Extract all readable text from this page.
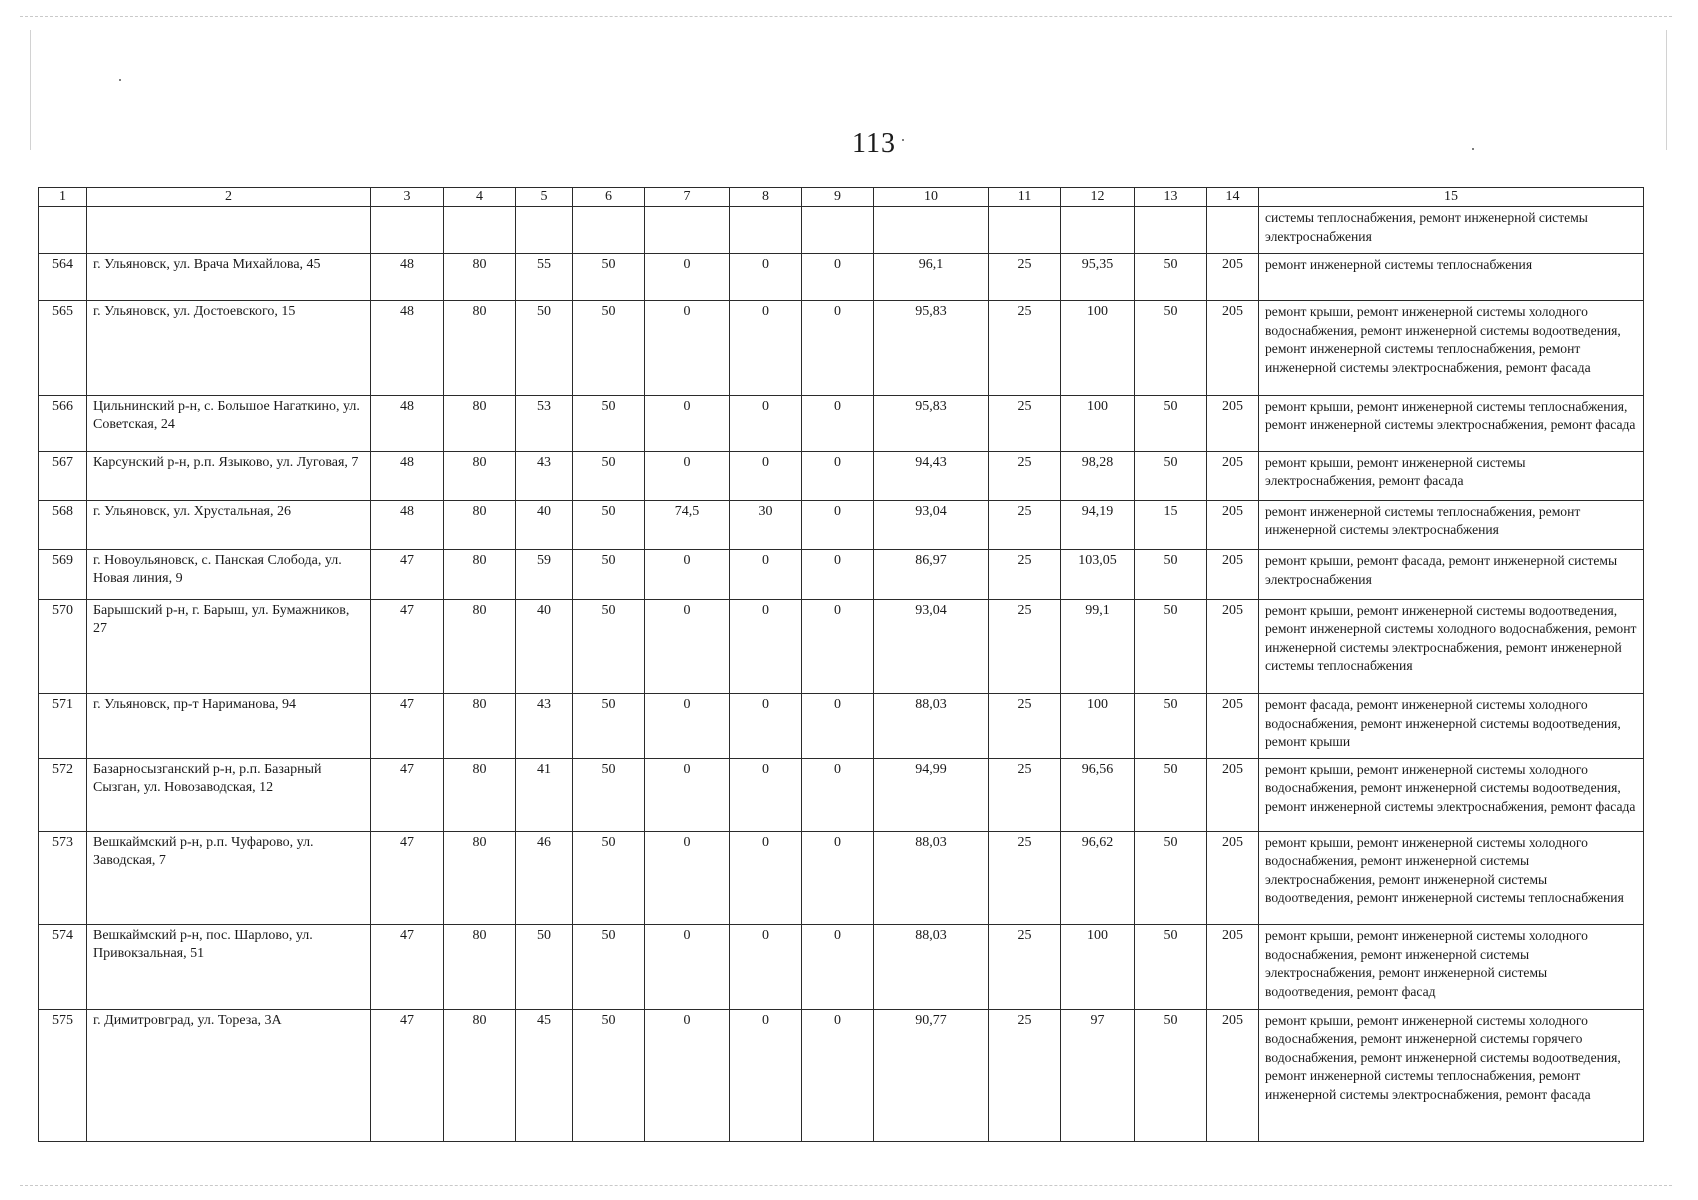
113
1	2	3	4	5	6	7	8	9	10	11	12	13	14	15
														системы теплоснабжения, ремонт инженерной системы электроснабжения
564	г. Ульяновск, ул. Врача Михайлова, 45	48	80	55	50	0	0	0	96,1	25	95,35	50	205	ремонт инженерной системы теплоснабжения
565	г. Ульяновск, ул. Достоевского, 15	48	80	50	50	0	0	0	95,83	25	100	50	205	ремонт крыши, ремонт инженерной системы холодного водоснабжения, ремонт инженерной системы водоотведения, ремонт инженерной системы теплоснабжения, ремонт инженерной системы электроснабжения, ремонт фасада
566	Цильнинский р-н, с. Большое Нагаткино, ул. Советская, 24	48	80	53	50	0	0	0	95,83	25	100	50	205	ремонт крыши, ремонт инженерной системы теплоснабжения, ремонт инженерной системы электроснабжения, ремонт фасада
567	Карсунский р-н, р.п. Языково, ул. Луговая, 7	48	80	43	50	0	0	0	94,43	25	98,28	50	205	ремонт крыши, ремонт инженерной системы электроснабжения, ремонт фасада
568	г. Ульяновск, ул. Хрустальная, 26	48	80	40	50	74,5	30	0	93,04	25	94,19	15	205	ремонт инженерной системы теплоснабжения, ремонт инженерной системы электроснабжения
569	г. Новоульяновск, с. Панская Слобода, ул. Новая линия, 9	47	80	59	50	0	0	0	86,97	25	103,05	50	205	ремонт крыши, ремонт фасада, ремонт инженерной системы электроснабжения
570	Барышский р-н, г. Барыш, ул. Бумажников, 27	47	80	40	50	0	0	0	93,04	25	99,1	50	205	ремонт крыши, ремонт инженерной системы водоотведения, ремонт инженерной системы холодного водоснабжения, ремонт инженерной системы электроснабжения, ремонт инженерной системы теплоснабжения
571	г. Ульяновск, пр-т Нариманова, 94	47	80	43	50	0	0	0	88,03	25	100	50	205	ремонт фасада, ремонт инженерной системы холодного водоснабжения, ремонт инженерной системы водоотведения, ремонт крыши
572	Базарносызганский р-н, р.п. Базарный Сызган, ул. Новозаводская, 12	47	80	41	50	0	0	0	94,99	25	96,56	50	205	ремонт крыши, ремонт инженерной системы холодного водоснабжения, ремонт инженерной системы водоотведения, ремонт инженерной системы электроснабжения, ремонт фасада
573	Вешкаймский р-н, р.п. Чуфарово, ул. Заводская, 7	47	80	46	50	0	0	0	88,03	25	96,62	50	205	ремонт крыши, ремонт инженерной системы холодного водоснабжения, ремонт инженерной системы электроснабжения, ремонт инженерной системы водоотведения, ремонт инженерной системы теплоснабжения
574	Вешкаймский р-н, пос. Шарлово, ул. Привокзальная, 51	47	80	50	50	0	0	0	88,03	25	100	50	205	ремонт крыши, ремонт инженерной системы холодного водоснабжения, ремонт инженерной системы электроснабжения, ремонт инженерной системы водоотведения, ремонт фасад
575	г. Димитровград, ул. Тореза, 3А	47	80	45	50	0	0	0	90,77	25	97	50	205	ремонт крыши, ремонт инженерной системы холодного водоснабжения, ремонт инженерной системы горячего водоснабжения, ремонт инженерной системы водоотведения, ремонт инженерной системы теплоснабжения, ремонт инженерной системы электроснабжения, ремонт фасада
